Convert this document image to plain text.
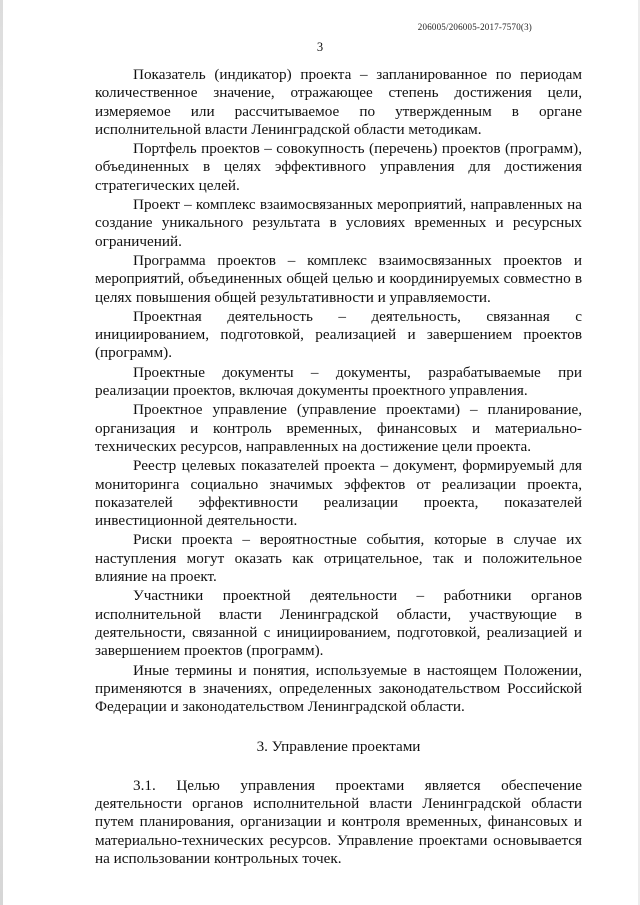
206005/206005-2017-7570(3)
3

Показатель (индикатор) проекта – запланированное по периодам количественное значение, отражающее степень достижения цели, измеряемое или рассчитываемое по утвержденным в органе исполнительной власти Ленинградской области методикам.

Портфель проектов – совокупность (перечень) проектов (программ), объединенных в целях эффективного управления для достижения стратегических целей.

Проект – комплекс взаимосвязанных мероприятий, направленных на создание уникального результата в условиях временных и ресурсных ограничений.

Программа проектов – комплекс взаимосвязанных проектов и мероприятий, объединенных общей целью и координируемых совместно в целях повышения общей результативности и управляемости.

Проектная деятельность – деятельность, связанная с инициированием, подготовкой, реализацией и завершением проектов (программ).

Проектные документы – документы, разрабатываемые при реализации проектов, включая документы проектного управления.

Проектное управление (управление проектами) – планирование, организация и контроль временных, финансовых и материально-технических ресурсов, направленных на достижение цели проекта.

Реестр целевых показателей проекта – документ, формируемый для мониторинга социально значимых эффектов от реализации проекта, показателей эффективности реализации проекта, показателей инвестиционной деятельности.

Риски проекта – вероятностные события, которые в случае их наступления могут оказать как отрицательное, так и положительное влияние на проект.

Участники проектной деятельности – работники органов исполнительной власти Ленинградской области, участвующие в деятельности, связанной с инициированием, подготовкой, реализацией и завершением проектов (программ).

Иные термины и понятия, используемые в настоящем Положении, применяются в значениях, определенных законодательством Российской Федерации и законодательством Ленинградской области.

3. Управление проектами

3.1. Целью управления проектами является обеспечение деятельности органов исполнительной власти Ленинградской области путем планирования, организации и контроля временных, финансовых и материально-технических ресурсов. Управление проектами основывается на использовании контрольных точек.
